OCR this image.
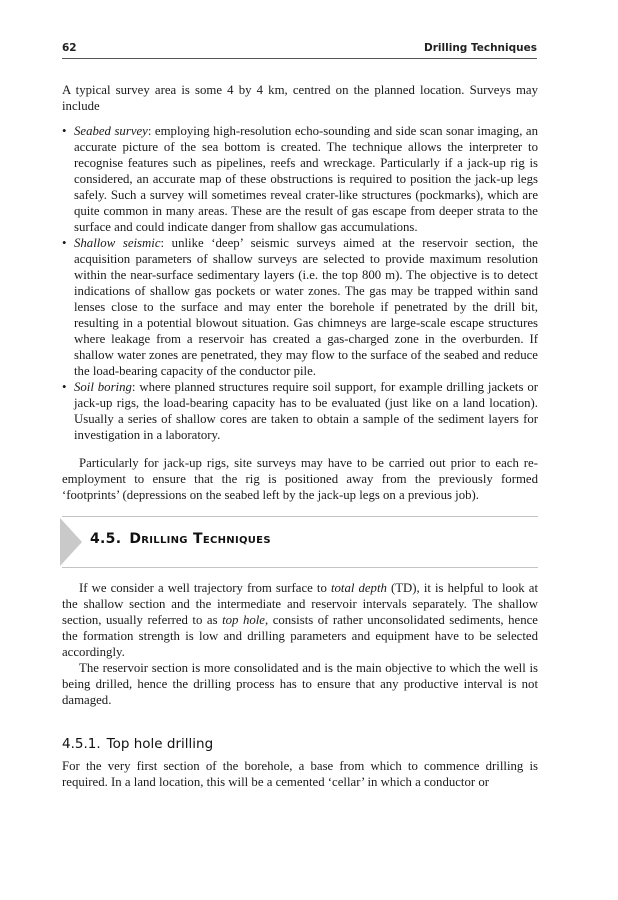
62	Drilling Techniques

A typical survey area is some 4 by 4 km, centred on the planned location. Surveys may include

• Seabed survey: employing high-resolution echo-sounding and side scan sonar imaging, an accurate picture of the sea bottom is created. The technique allows the interpreter to recognise features such as pipelines, reefs and wreckage. Particularly if a jack-up rig is considered, an accurate map of these obstructions is required to position the jack-up legs safely. Such a survey will sometimes reveal crater-like structures (pockmarks), which are quite common in many areas. These are the result of gas escape from deeper strata to the surface and could indicate danger from shallow gas accumulations.
• Shallow seismic: unlike ‘deep’ seismic surveys aimed at the reservoir section, the acquisition parameters of shallow surveys are selected to provide maximum resolution within the near-surface sedimentary layers (i.e. the top 800 m). The objective is to detect indications of shallow gas pockets or water zones. The gas may be trapped within sand lenses close to the surface and may enter the borehole if penetrated by the drill bit, resulting in a potential blowout situation. Gas chimneys are large-scale escape structures where leakage from a reservoir has created a gas-charged zone in the overburden. If shallow water zones are penetrated, they may flow to the surface of the seabed and reduce the load-bearing capacity of the conductor pile.
• Soil boring: where planned structures require soil support, for example drilling jackets or jack-up rigs, the load-bearing capacity has to be evaluated (just like on a land location). Usually a series of shallow cores are taken to obtain a sample of the sediment layers for investigation in a laboratory.

Particularly for jack-up rigs, site surveys may have to be carried out prior to each re-employment to ensure that the rig is positioned away from the previously formed ‘footprints’ (depressions on the seabed left by the jack-up legs on a previous job).

4.5. Drilling Techniques

If we consider a well trajectory from surface to total depth (TD), it is helpful to look at the shallow section and the intermediate and reservoir intervals separately. The shallow section, usually referred to as top hole, consists of rather unconsolidated sediments, hence the formation strength is low and drilling parameters and equipment have to be selected accordingly.

The reservoir section is more consolidated and is the main objective to which the well is being drilled, hence the drilling process has to ensure that any productive interval is not damaged.

4.5.1. Top hole drilling

For the very first section of the borehole, a base from which to commence drilling is required. In a land location, this will be a cemented ‘cellar’ in which a conductor or
